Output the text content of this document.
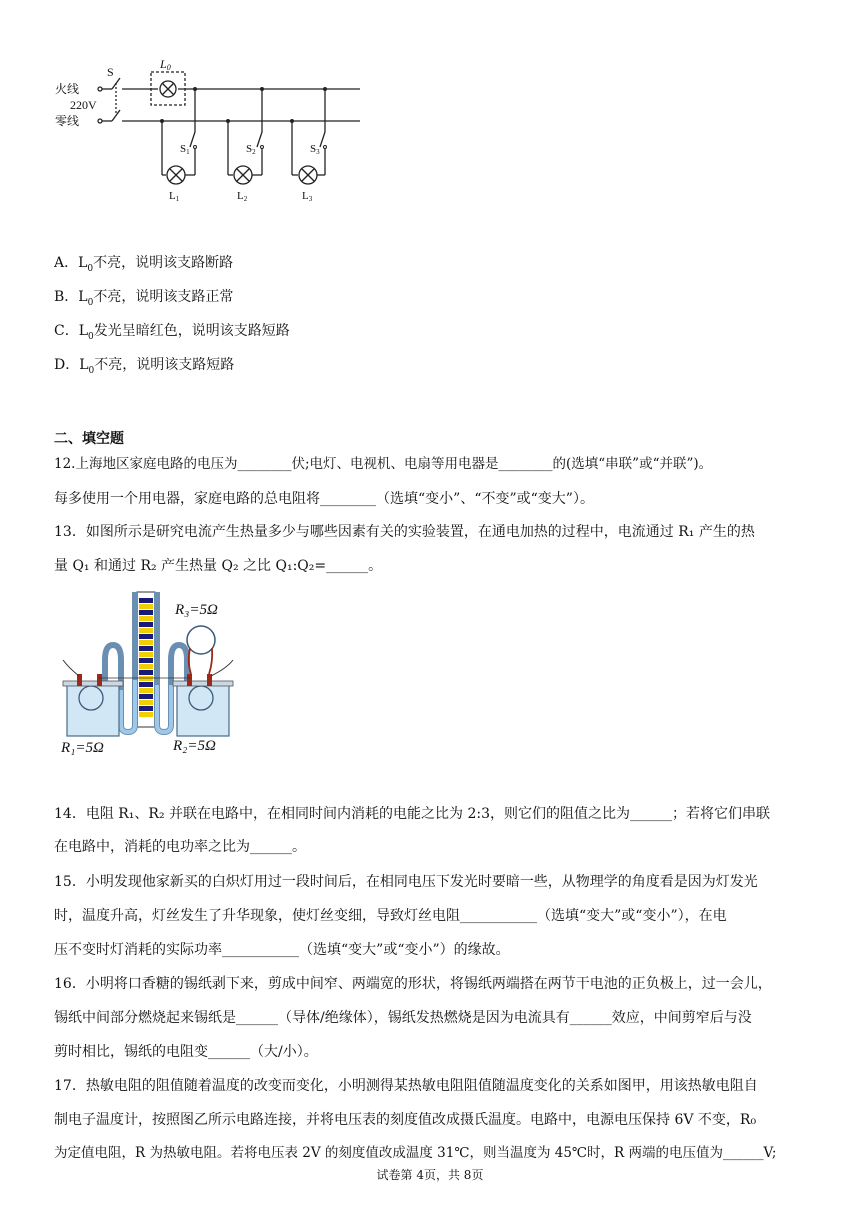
火线
220V
零线
S
L0
S1	S2	S3
L1	L2	L3
A．$L_0$不亮，说明该支路断路
B．$L_0$不亮，说明该支路正常
C．$L_0$发光呈暗红色，说明该支路短路
D．$L_0$不亮，说明该支路短路
二、填空题
12.上海地区家庭电路的电压为________伏;电灯、电视机、电扇等用电器是________的(选填“串联”或“并联”)。
每多使用一个用电器，家庭电路的总电阻将________（选填“变小”、“不变”或“变大”）。
13．如图所示是研究电流产生热量多少与哪些因素有关的实验装置，在通电加热的过程中，电流通过 R₁ 产生的热
量 Q₁ 和通过 R₂ 产生热量 Q₂ 之比 Q₁:Q₂=______。
R₃=5Ω
R₁=5Ω	R₂=5Ω
14．电阻 R₁、R₂ 并联在电路中，在相同时间内消耗的电能之比为 2:3，则它们的阻值之比为______；若将它们串联
在电路中，消耗的电功率之比为______。
15．小明发现他家新买的白炽灯用过一段时间后，在相同电压下发光时要暗一些，从物理学的角度看是因为灯发光
时，温度升高，灯丝发生了升华现象，使灯丝变细，导致灯丝电阻___________（选填“变大”或“变小”），在电
压不变时灯消耗的实际功率___________（选填“变大”或“变小”）的缘故。
16．小明将口香糖的锡纸剥下来，剪成中间窄、两端宽的形状，将锡纸两端搭在两节干电池的正负极上，过一会儿，
锡纸中间部分燃烧起来锡纸是______（导体/绝缘体），锡纸发热燃烧是因为电流具有______效应，中间剪窄后与没
剪时相比，锡纸的电阻变______（大/小）。
17．热敏电阻的阻值随着温度的改变而变化，小明测得某热敏电阻阻值随温度变化的关系如图甲，用该热敏电阻自
制电子温度计，按照图乙所示电路连接，并将电压表的刻度值改成摄氏温度。电路中，电源电压保持 6V 不变，R₀
为定值电阻，R 为热敏电阻。若将电压表 2V 的刻度值改成温度 31℃，则当温度为 45℃时，R 两端的电压值为______V;
试卷第 4页，共 8页
